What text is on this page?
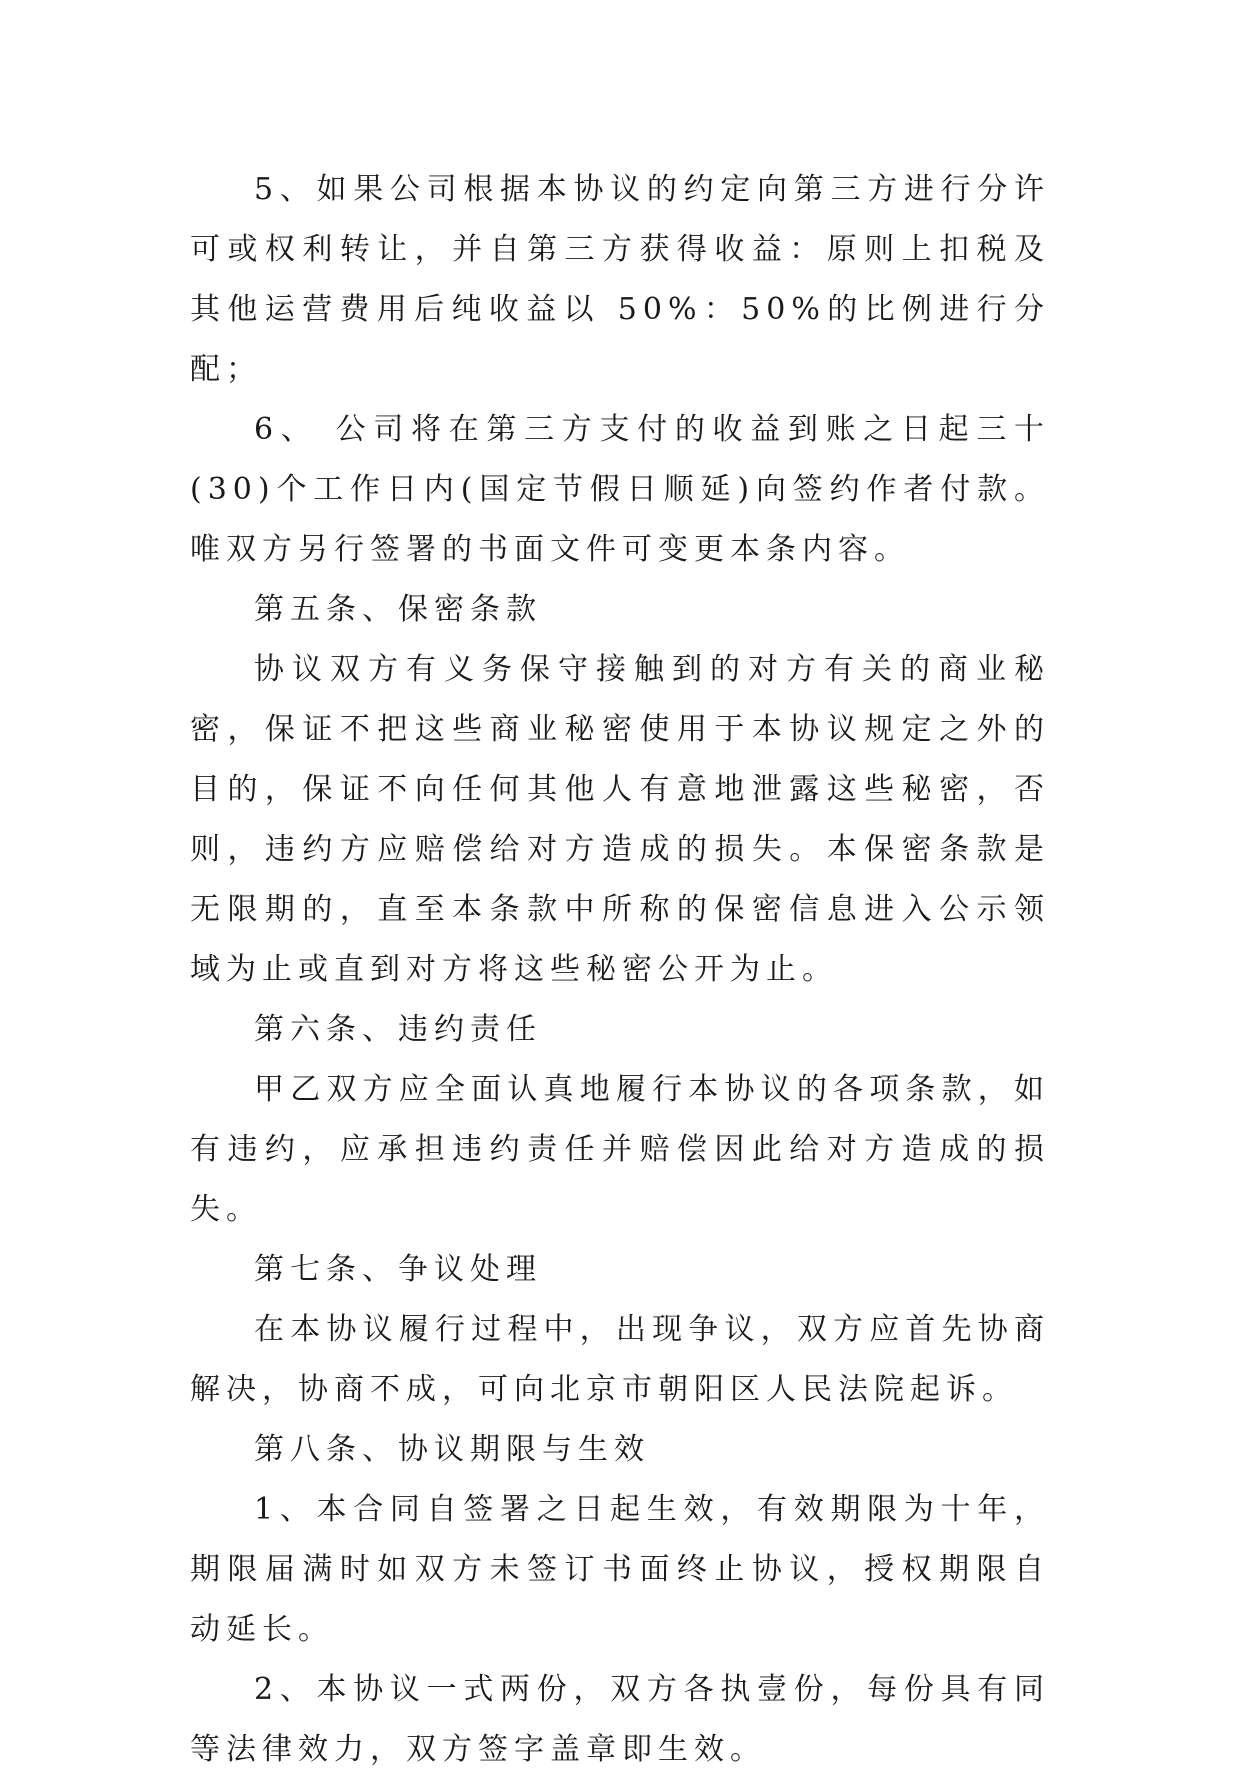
5、如果公司根据本协议的约定向第三方进行分许可或权利转让，并自第三方获得收益：原则上扣税及其他运营费用后纯收益以 50%：50%的比例进行分配；

6、 公司将在第三方支付的收益到账之日起三十(30)个工作日内(国定节假日顺延)向签约作者付款。唯双方另行签署的书面文件可变更本条内容。

第五条、保密条款

协议双方有义务保守接触到的对方有关的商业秘密，保证不把这些商业秘密使用于本协议规定之外的目的，保证不向任何其他人有意地泄露这些秘密，否则，违约方应赔偿给对方造成的损失。本保密条款是无限期的，直至本条款中所称的保密信息进入公示领域为止或直到对方将这些秘密公开为止。

第六条、违约责任

甲乙双方应全面认真地履行本协议的各项条款，如有违约，应承担违约责任并赔偿因此给对方造成的损失。

第七条、争议处理

在本协议履行过程中，出现争议，双方应首先协商解决，协商不成，可向北京市朝阳区人民法院起诉。

第八条、协议期限与生效

1、本合同自签署之日起生效，有效期限为十年，期限届满时如双方未签订书面终止协议，授权期限自动延长。

2、本协议一式两份，双方各执壹份，每份具有同等法律效力，双方签字盖章即生效。
